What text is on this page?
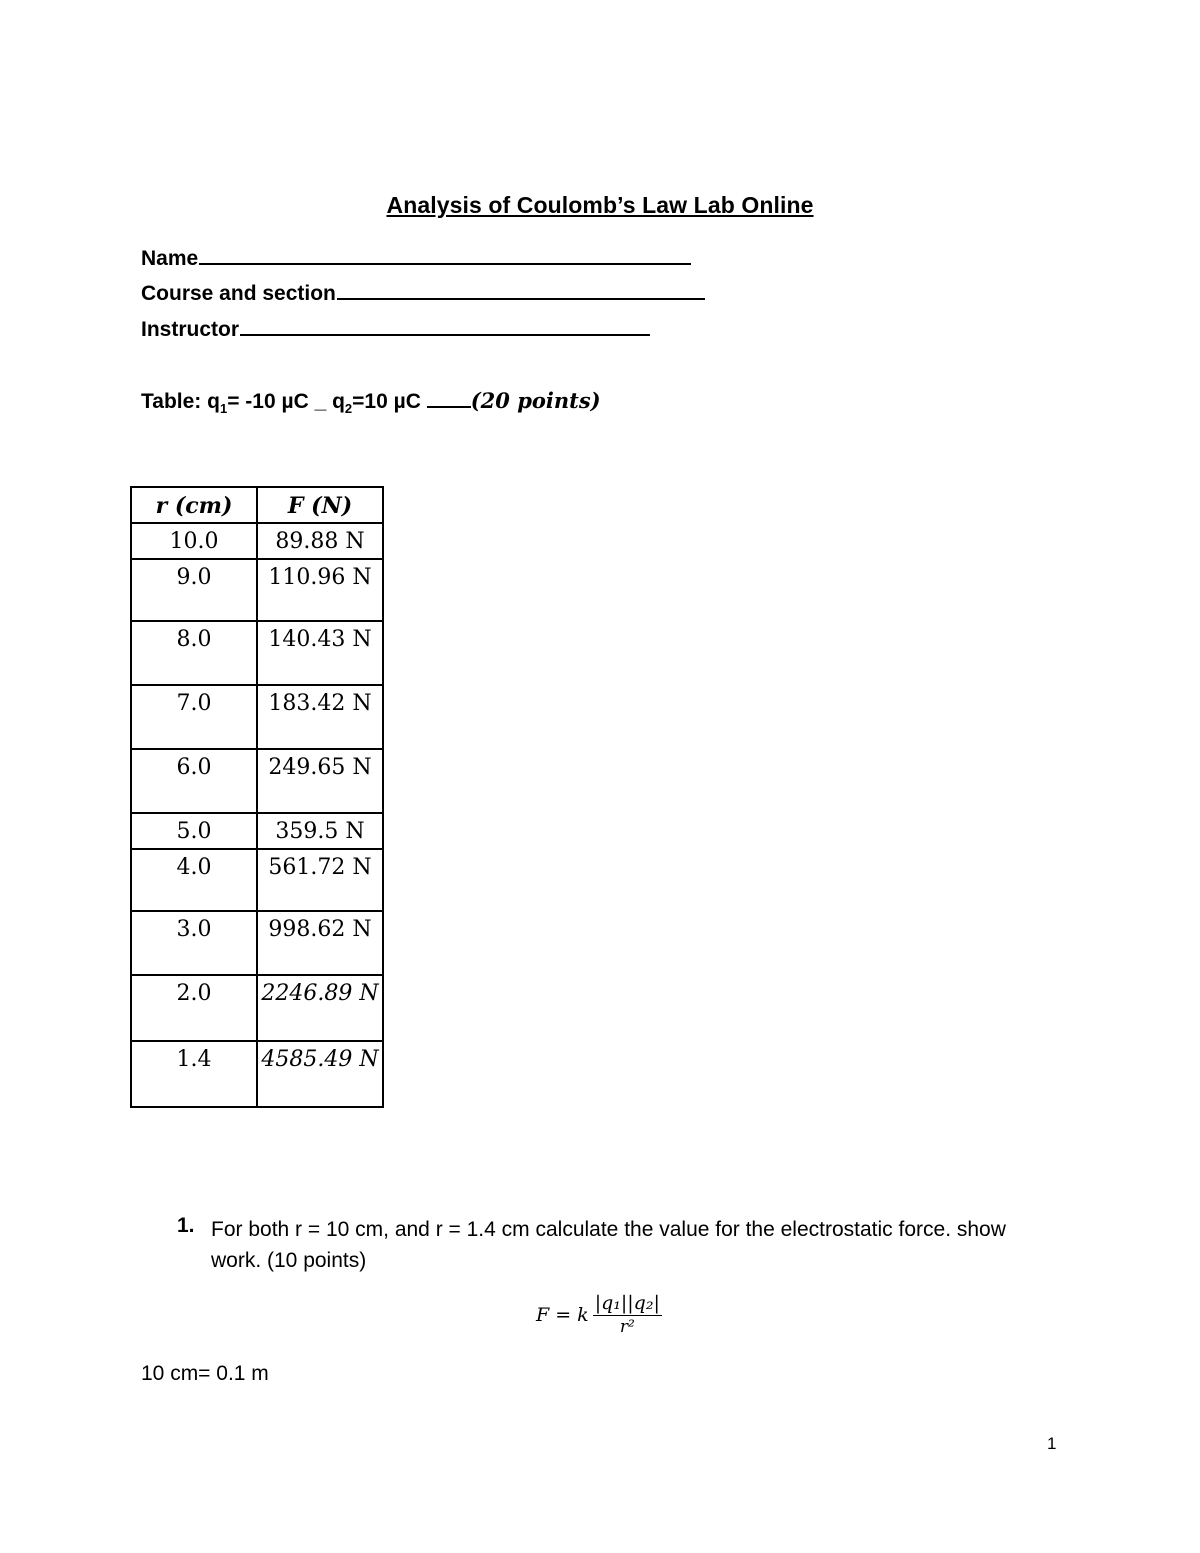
Analysis of Coulomb’s Law Lab Online
Name
Course and section
Instructor
Table: $q_1= -10$ µC _ $q_2=10$ µC (20 points)
r (cm)	F (N)
10.0	89.88 N
9.0	110.96 N
8.0	140.43 N
7.0	183.42 N
6.0	249.65 N
5.0	359.5 N
4.0	561.72 N
3.0	998.62 N
2.0	2246.89 N
1.4	4585.49 N
1. For both r = 10 cm, and r = 1.4 cm calculate the value for the electrostatic force. show work. (10 points)
F = k $\frac{\text{|q₁||q₂|}}{\text{r²}}$
10 cm= 0.1 m
1
